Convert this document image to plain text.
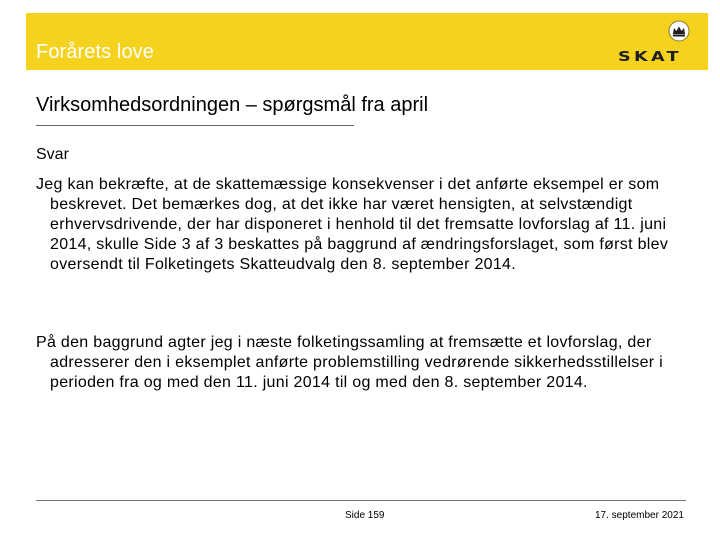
Forårets love	SKAT
Virksomhedsordningen – spørgsmål fra april
Svar
Jeg kan bekræfte, at de skattemæssige konsekvenser i det anførte eksempel er som beskrevet. Det bemærkes dog, at det ikke har været hensigten, at selvstændigt erhvervsdrivende, der har disponeret i henhold til det fremsatte lovforslag af 11. juni 2014, skulle Side 3 af 3 beskattes på baggrund af ændringsforslaget, som først blev oversendt til Folketingets Skatteudvalg den 8. september 2014.
På den baggrund agter jeg i næste folketingssamling at fremsætte et lovforslag, der adresserer den i eksemplet anførte problemstilling vedrørende sikkerhedsstillelser i perioden fra og med den 11. juni 2014 til og med den 8. september 2014.
Side 159	17. september 2021
